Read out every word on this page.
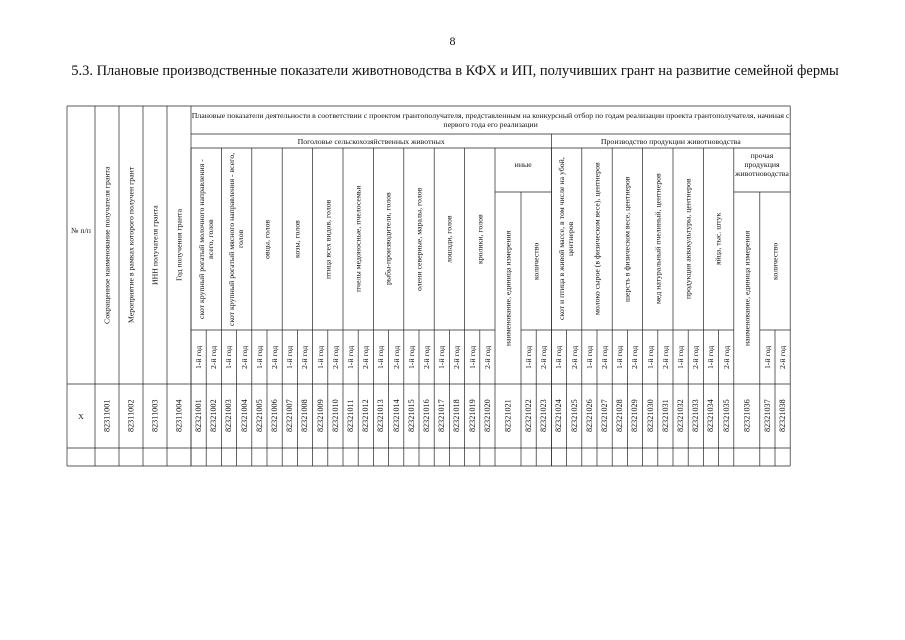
8
5.3. Плановые производственные показатели животноводства в КФХ и ИП, получивших грант на развитие семейной фермы
№ п/п
Х
Сокращенное наименование получателя гранта
82311001
Мероприятие в рамках которого получен грант
82311002
ИНН получателя гранта
82311003
Год получения гранта
82311004
Плановые показатели деятельности в соответствии с проектом грантополучателя, представленным на конкурсный отбор по годам реализации проекта грантополучателя, начиная с первого года его реализации
Поголовье сельскохозяйственных животных	Производство продукции животноводства
скот крупный рогатый молочного направления - всего, голов
1-й год
82321001
2-й год
82321002
скот крупный рогатый мясного направления - всего, голов
1-й год
82321003
2-й год
82321004
овцы, голов
1-й год
82321005
2-й год
82321006
козы, голов
1-й год
82321007
2-й год
82321008
птица всех видов, голов
1-й год
82321009
2-й год
82321010
пчелы медоносные, пчелосемьи
1-й год
82321011
2-й год
82321012
рыбы-производители, голов
1-й год
82321013
2-й год
82321014
олени северные, маралы, голов
1-й год
82321015
2-й год
82321016
лошади, голов
1-й год
82321017
2-й год
82321018
кролики, голов
1-й год
82321019
2-й год
82321020
иные
наименование, единица измерения
82321021
количество
1-й год
82321022
2-й год
82321023
скот и птица в живой массе, в том числе на убой, центнеров
1-й год
82321024
2-й год
82321025
молоко сырое (в физическом весе), центнеров
1-й год
82321026
2-й год
82321027
шерсть в физическом весе, центнеров
1-й год
82321028
2-й год
82321029
мед натуральный пчелиный, центнеров
1-й год
82321030
2-й год
82321031
продукция аквакультуры, центнеров
1-й год
82321032
2-й год
82321033
яйца, тыс. штук
1-й год
82321034
2-й год
82321035
прочая продукция животноводства
наименование, единица измерения
82321036
количество
1-й год
82321037
2-й год
82321038
